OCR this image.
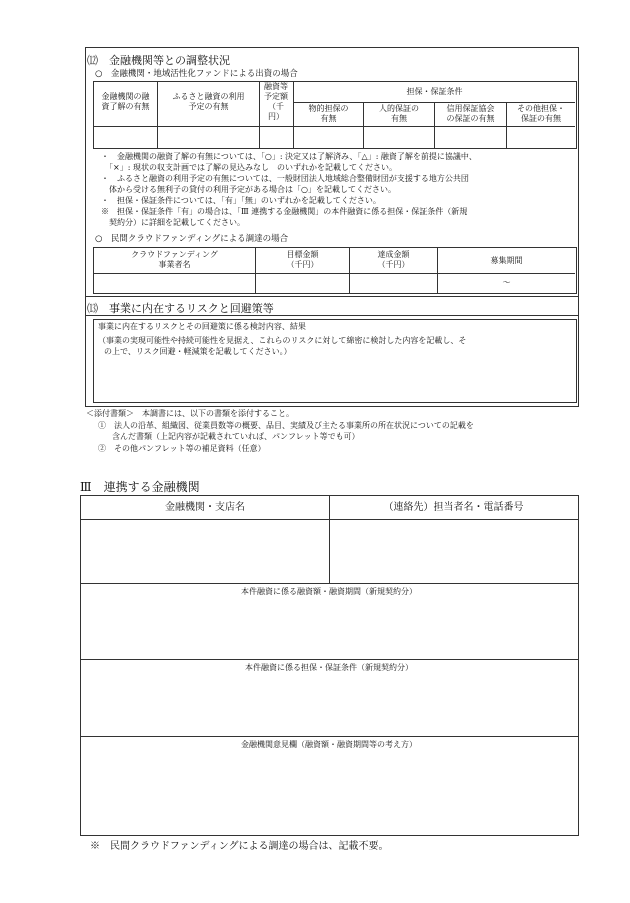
⑿　金融機関等との調整状況
○　金融機関・地域活性化ファンドによる出資の場合
金融機関の融
資了解の有無
ふるさと融資の利用
予定の有無
融資等
予定額
（千
円）
担保・保証条件
物的担保の
有無
人的保証の
有無
信用保証協会
の保証の有無
その他担保・
保証の有無
・　金融機関の融資了解の有無については、「○」: 決定又は了解済み、「△」: 融資了解を前提に協議中、
　「×」: 現状の収支計画では了解の見込みなし　のいずれかを記載してください。
・　ふるさと融資の利用予定の有無については、一般財団法人地域総合整備財団が支援する地方公共団
　体から受ける無利子の貸付の利用予定がある場合は「○」を記載してください。
・　担保・保証条件については、「有」「無」のいずれかを記載してください。
※　担保・保証条件「有」の場合は、「Ⅲ 連携する金融機関」の本件融資に係る担保・保証条件（新規
　契約分）に詳細を記載してください。
○　民間クラウドファンディングによる調達の場合
クラウドファンディング
事業者名
目標金額
（千円）
達成金額
（千円）	募集期間
～
⒀　事業に内在するリスクと回避策等
事業に内在するリスクとその回避策に係る検討内容、結果
（事業の実現可能性や持続可能性を見据え、これらのリスクに対して綿密に検討した内容を記載し、そ
の上で、リスク回避・軽減策を記載してください。）
＜添付書類＞　本調書には、以下の書類を添付すること。
①　法人の沿革、組織図、従業員数等の概要、品目、実績及び主たる事業所の所在状況についての記載を
含んだ書類（上記内容が記載されていれば、パンフレット等でも可）
②　その他パンフレット等の補足資料（任意）
Ⅲ　連携する金融機関
金融機関・支店名	（連絡先）担当者名・電話番号
本件融資に係る融資額・融資期間（新規契約分）
本件融資に係る担保・保証条件（新規契約分）
金融機関意見欄（融資額・融資期間等の考え方）
※　民間クラウドファンディングによる調達の場合は、記載不要。
